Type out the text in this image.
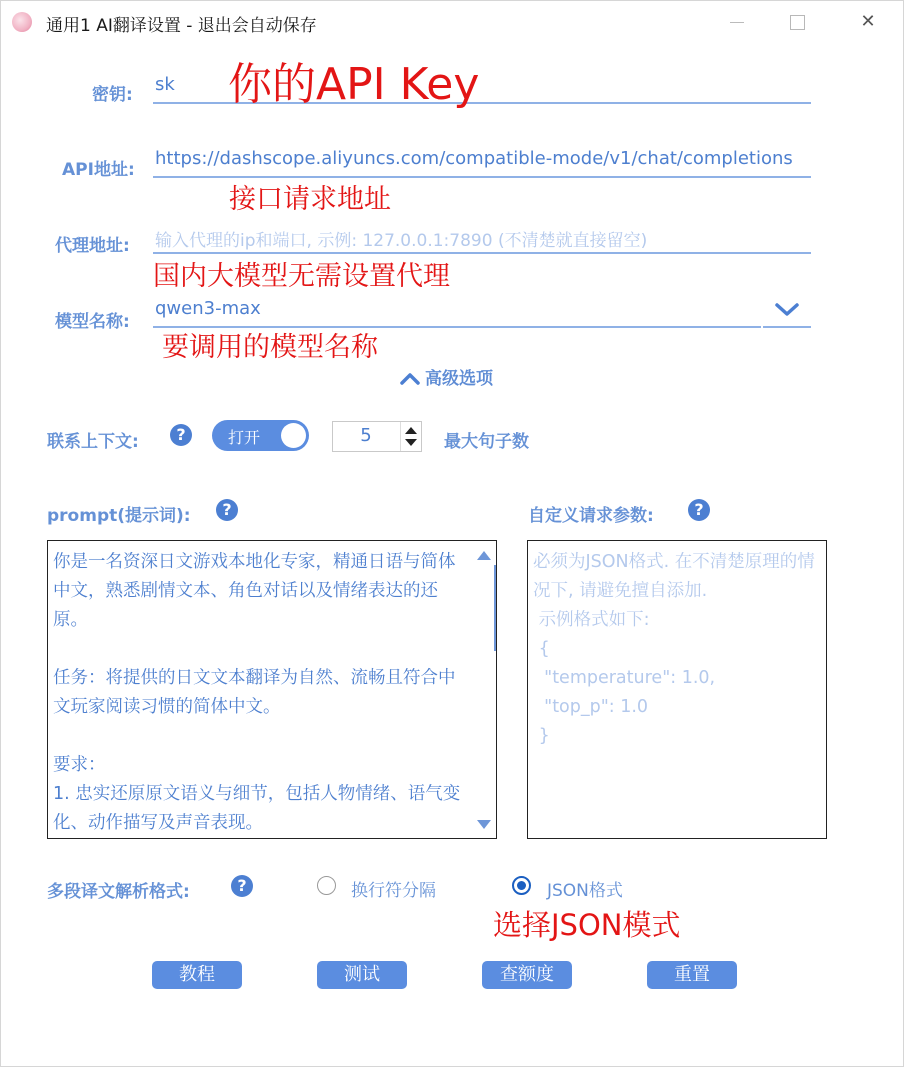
通用1 AI翻译设置 - 退出会自动保存	✕
密钥: sk 你的API Key
API地址:
https://dashscope.aliyuncs.com/compatible-mode/v1/chat/completions
接口请求地址
代理地址: 输入代理的ip和端口, 示例: 127.0.0.1:7890 (不清楚就直接留空)
国内大模型无需设置代理
模型名称:
qwen3-max
要调用的模型名称
高级选项
联系上下文:	?	打开	5	最大句子数
prompt(提示词):	?
你是一名资深日文游戏本地化专家，精通日语与简体中文，熟悉剧情文本、角色对话以及情绪表达的还原。

任务：将提供的日文文本翻译为自然、流畅且符合中文玩家阅读习惯的简体中文。

要求：
1. 忠实还原原文语义与细节，包括人物情绪、语气变化、动作描写及声音表现。
自定义请求参数:	?
必须为JSON格式. 在不清楚原理的情况下, 请避免擅自添加.
示例格式如下:
{
"temperature": 1.0,
"top_p": 1.0
}
多段译文解析格式:	?	换行符分隔	JSON格式
选择JSON模式
教程	测试	查额度	重置
